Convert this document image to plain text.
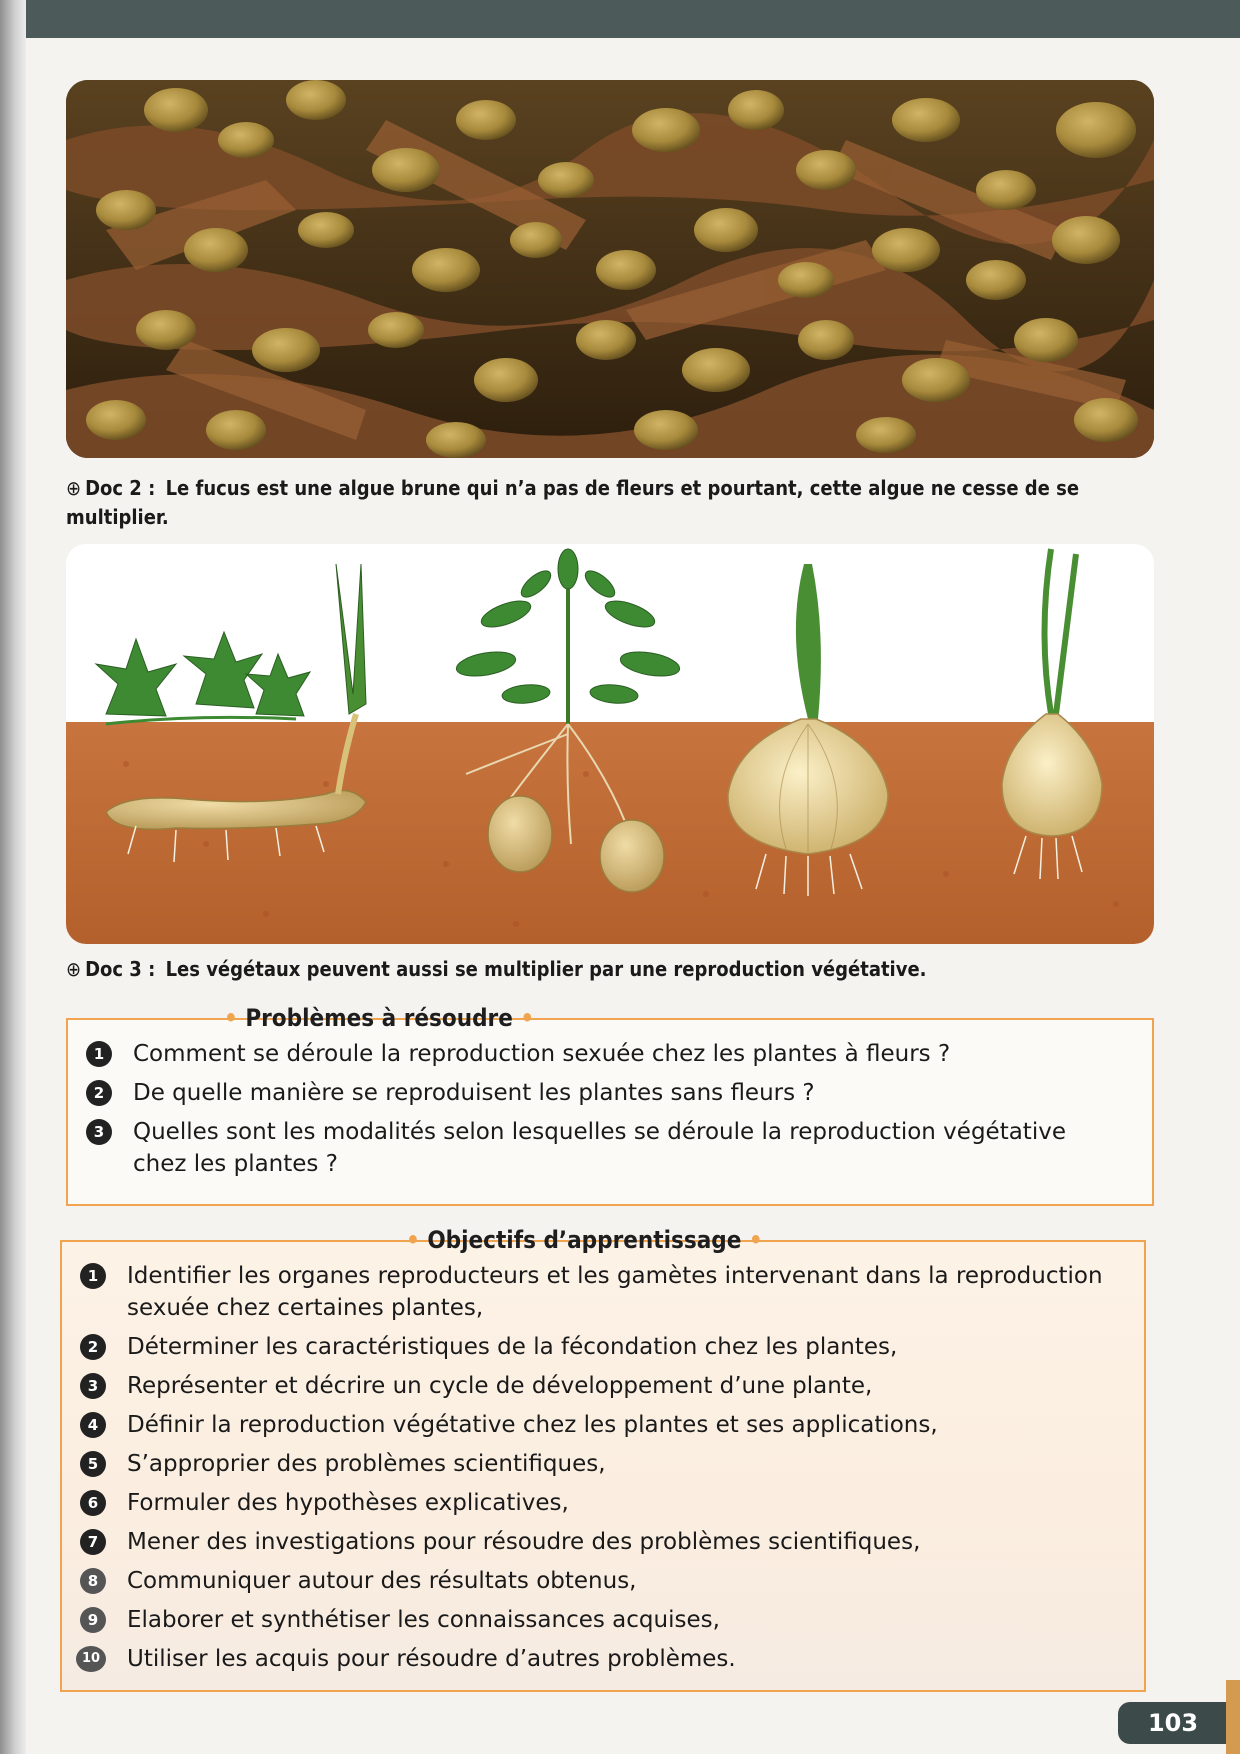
⊕ Doc 2 : Le fucus est une algue brune qui n’a pas de fleurs et pourtant, cette algue ne cesse de se multiplier.
⊕ Doc 3 : Les végétaux peuvent aussi se multiplier par une reproduction végétative.
• Problèmes à résoudre •
1	Comment se déroule la reproduction sexuée chez les plantes à fleurs ?
2	De quelle manière se reproduisent les plantes sans fleurs ?
3	Quelles sont les modalités selon lesquelles se déroule la reproduction végétative chez les plantes ?
• Objectifs d’apprentissage •
1	Identifier les organes reproducteurs et les gamètes intervenant dans la reproduction sexuée chez certaines plantes,
2	Déterminer les caractéristiques de la fécondation chez les plantes,
3	Représenter et décrire un cycle de développement d’une plante,
4	Définir la reproduction végétative chez les plantes et ses applications,
5	S’approprier des problèmes scientifiques,
6	Formuler des hypothèses explicatives,
7	Mener des investigations pour résoudre des problèmes scientifiques,
8	Communiquer autour des résultats obtenus,
9	Elaborer et synthétiser les connaissances acquises,
10 Utiliser les acquis pour résoudre d’autres problèmes.
103
